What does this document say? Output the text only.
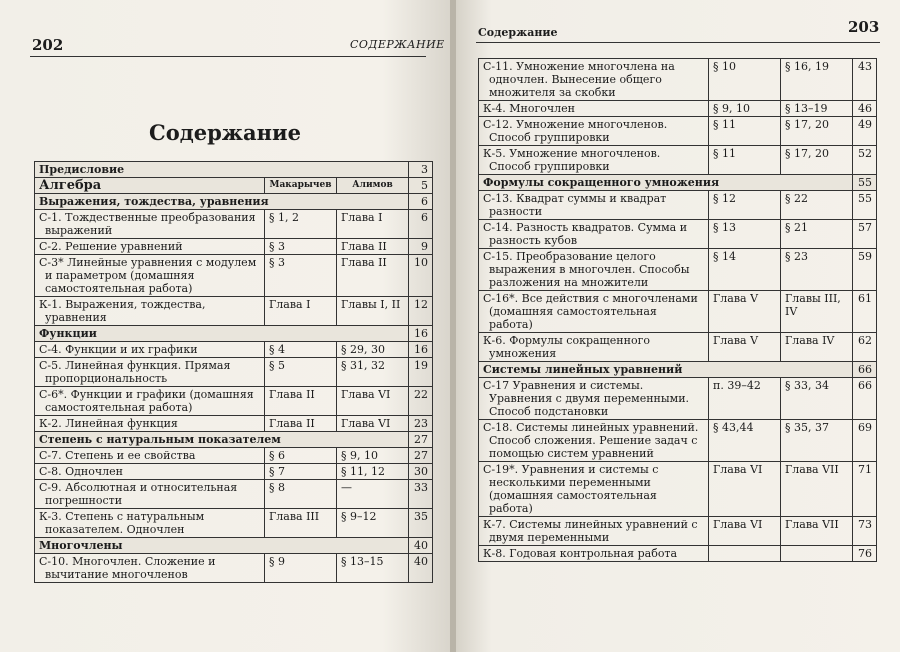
202	СОДЕРЖАНИЕ
Содержание
Предисловие			3
Алгебра	Макарычев	Алимов	5
Выражения, тождества, уравнения			6
С-1. Тождественные преобразования выражений	§ 1, 2	Глава I	6
С-2. Решение уравнений	§ 3	Глава II	9
С-3* Линейные уравнения с модулем и параметром (домашняя самостоятельная работа)	§ 3	Глава II	10
К-1. Выражения, тождества, уравнения	Глава I	Главы I, II	12
Функции			16
С-4. Функции и их графики	§ 4	§ 29, 30	16
С-5. Линейная функция. Прямая пропорциональность	§ 5	§ 31, 32	19
С-6*. Функции и графики (домашняя самостоятельная работа)	Глава II	Глава VI	22
К-2. Линейная функция	Глава II	Глава VI	23
Степень с натуральным показателем			27
С-7. Степень и ее свойства	§ 6	§ 9, 10	27
С-8. Одночлен	§ 7	§ 11, 12	30
С-9. Абсолютная и относительная погрешности	§ 8	—	33
К-3. Степень с натуральным показателем. Одночлен	Глава III	§ 9–12	35
Многочлены			40
С-10. Многочлен. Сложение и вычитание многочленов	§ 9	§ 13–15	40
Содержание	203
С-11. Умножение многочлена на одночлен. Вынесение общего множителя за скобки	§ 10	§ 16, 19	43
К-4. Многочлен	§ 9, 10	§ 13–19	46
С-12. Умножение многочленов. Способ группировки	§ 11	§ 17, 20	49
К-5. Умножение многочленов. Способ группировки	§ 11	§ 17, 20	52
Формулы сокращенного умножения			55
С-13. Квадрат суммы и квадрат разности	§ 12	§ 22	55
С-14. Разность квадратов. Сумма и разность кубов	§ 13	§ 21	57
С-15. Преобразование целого выражения в многочлен. Способы разложения на множители	§ 14	§ 23	59
С-16*. Все действия с многочленами (домашняя самостоятельная работа)	Глава V	Главы III, IV	61
К-6. Формулы сокращенного умножения	Глава V	Глава IV	62
Системы линейных уравнений			66
С-17 Уравнения и системы. Уравнения с двумя переменными. Способ подстановки	п. 39–42	§ 33, 34	66
С-18. Системы линейных уравнений. Способ сложения. Решение задач с помощью систем уравнений	§ 43,44	§ 35, 37	69
С-19*. Уравнения и системы с несколькими переменными (домашняя самостоятельная работа)	Глава VI	Глава VII	71
К-7. Системы линейных уравнений с двумя переменными	Глава VI	Глава VII	73
К-8. Годовая контрольная работа			76
